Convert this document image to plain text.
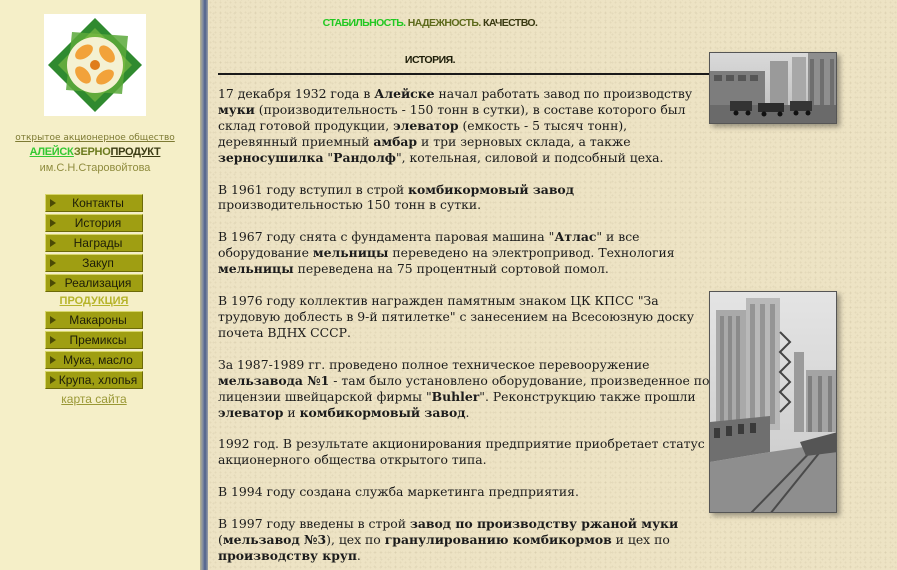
открытое акционерное общество
АЛЕЙСКЗЕРНОПРОДУКТ
им.С.Н.Старовойтова
Контакты
История
Награды
Закуп
Реализация
ПРОДУКЦИЯ
Макароны
Премиксы
Мука, масло
Крупа, хлопья
карта сайта
СТАБИЛЬНОСТЬ. НАДЕЖНОСТЬ. КАЧЕСТВО.
ИСТОРИЯ.

17 декабря 1932 года в Алейске начал работать завод по производству муки (производительность - 150 тонн в сутки), в составе которого был склад готовой продукции, элеватор (емкость - 5 тысяч тонн), деревянный приемный амбар и три зерновых склада, а также зерносушилка "Рандолф", котельная, силовой и подсобный цеха.

В 1961 году вступил в строй комбикормовый завод производительностью 150 тонн в сутки.

В 1967 году снята с фундамента паровая машина "Атлас" и все оборудование мельницы переведено на электропривод. Технология мельницы переведена на 75 процентный сортовой помол.

В 1976 году коллектив награжден памятным знаком ЦК КПСС "За трудовую доблесть в 9-й пятилетке" с занесением на Всесоюзную доску почета ВДНХ СССР.

За 1987-1989 гг. проведено полное техническое перевооружение мельзавода №1 - там было установлено оборудование, произведенное по лицензии швейцарской фирмы "Buhler". Реконструкцию также прошли элеватор и комбикормовый завод.

1992 год. В результате акционирования предприятие приобретает статус акционерного общества открытого типа.

В 1994 году создана служба маркетинга предприятия.

В 1997 году введены в строй завод по производству ржаной муки (мельзавод №3), цех по гранулированию комбикормов и цех по производству круп.
